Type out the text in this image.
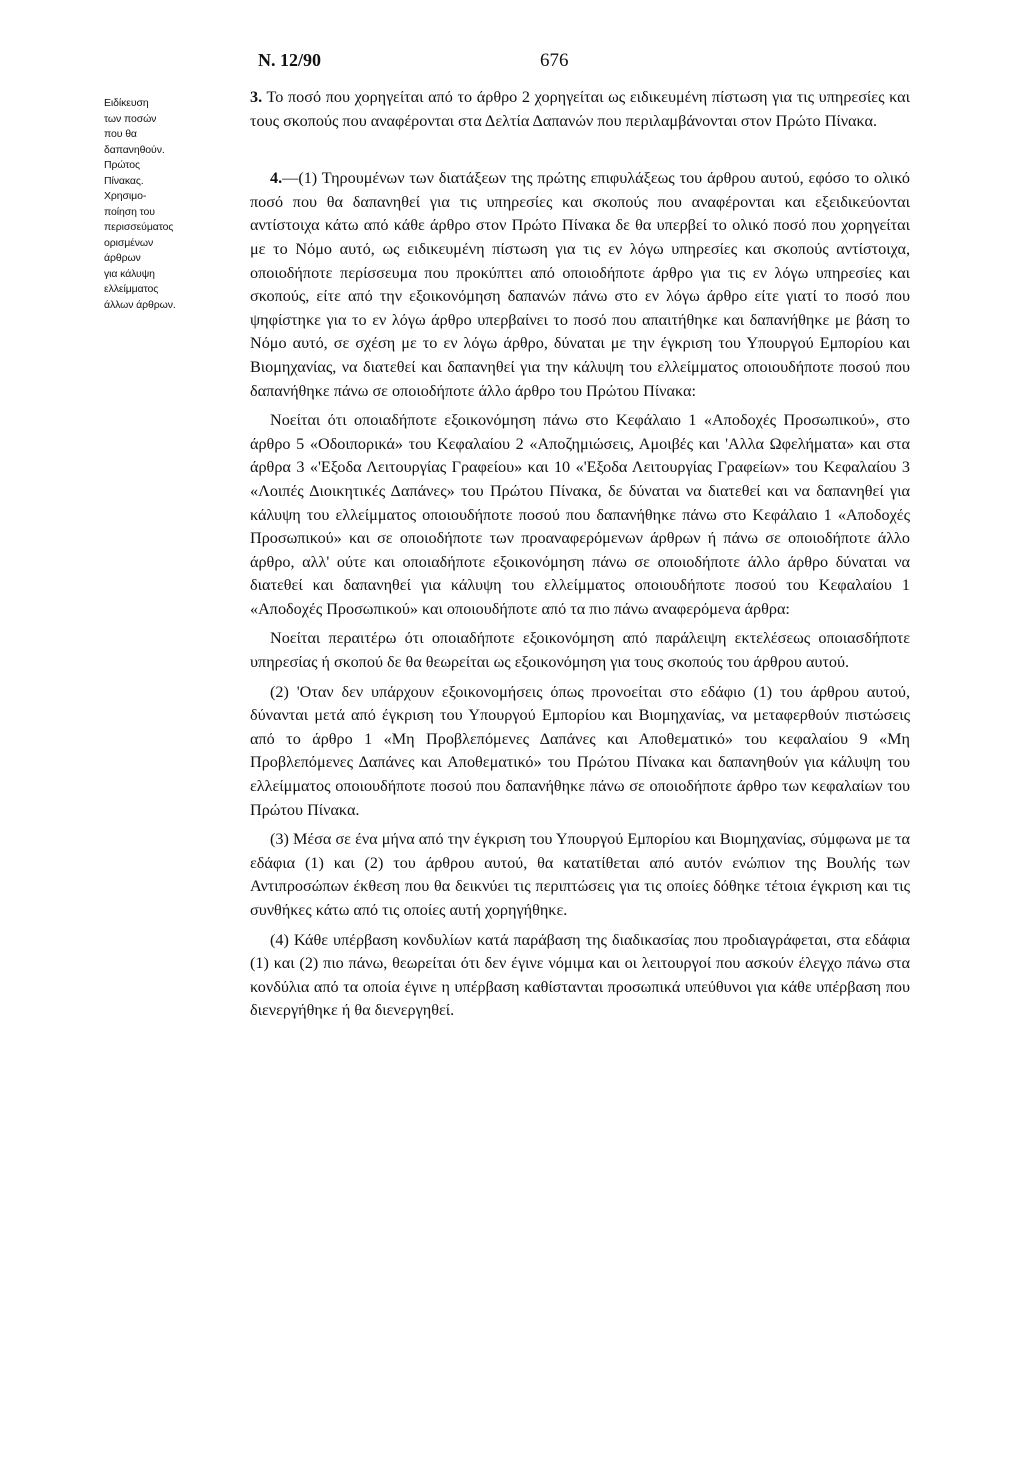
Ν. 12/90	676
Ειδίκευση
των ποσών
που θα
δαπανηθούν.
Πρώτος
Πίνακας.
Χρησιμο-
ποίηση του
περισσεύματος
ορισμένων
άρθρων
για κάλυψη
ελλείμματος
άλλων άρθρων.

3. Το ποσό που χορηγείται από το άρθρο 2 χορηγείται ως ειδικευμένη πίστωση για τις υπηρεσίες και τους σκοπούς που αναφέρονται στα Δελτία Δαπανών που περιλαμβάνονται στον Πρώτο Πίνακα.

4.—(1) Τηρουμένων των διατάξεων της πρώτης επιφυλάξεως του άρθρου αυτού, εφόσο το ολικό ποσό που θα δαπανηθεί για τις υπηρεσίες και σκοπούς που αναφέρονται και εξειδικεύονται αντίστοιχα κάτω από κάθε άρθρο στον Πρώτο Πίνακα δε θα υπερβεί το ολικό ποσό που χορηγείται με το Νόμο αυτό, ως ειδικευμένη πίστωση για τις εν λόγω υπηρεσίες και σκοπούς αντίστοιχα, οποιοδήποτε περίσσευμα που προκύπτει από οποιοδήποτε άρθρο για τις εν λόγω υπηρεσίες και σκοπούς, είτε από την εξοικονόμηση δαπανών πάνω στο εν λόγω άρθρο είτε γιατί το ποσό που ψηφίστηκε για το εν λόγω άρθρο υπερβαίνει το ποσό που απαιτήθηκε και δαπανήθηκε με βάση το Νόμο αυτό, σε σχέση με το εν λόγω άρθρο, δύναται με την έγκριση του Υπουργού Εμπορίου και Βιομηχανίας, να διατεθεί και δαπανηθεί για την κάλυψη του ελλείμματος οποιουδήποτε ποσού που δαπανήθηκε πάνω σε οποιοδήποτε άλλο άρθρο του Πρώτου Πίνακα:

Νοείται ότι οποιαδήποτε εξοικονόμηση πάνω στο Κεφάλαιο 1 «Αποδοχές Προσωπικού», στο άρθρο 5 «Οδοιπορικά» του Κεφαλαίου 2 «Αποζημιώσεις, Αμοιβές και 'Αλλα Ωφελήματα» και στα άρθρα 3 «'Εξοδα Λειτουργίας Γραφείου» και 10 «'Εξοδα Λειτουργίας Γραφείων» του Κεφαλαίου 3 «Λοιπές Διοικητικές Δαπάνες» του Πρώτου Πίνακα, δε δύναται να διατεθεί και να δαπανηθεί για κάλυψη του ελλείμματος οποιουδήποτε ποσού που δαπανήθηκε πάνω στο Κεφάλαιο 1 «Αποδοχές Προσωπικού» και σε οποιοδήποτε των προαναφερόμενων άρθρων ή πάνω σε οποιοδήποτε άλλο άρθρο, αλλ' ούτε και οποιαδήποτε εξοικονόμηση πάνω σε οποιοδήποτε άλλο άρθρο δύναται να διατεθεί και δαπανηθεί για κάλυψη του ελλείμματος οποιουδήποτε ποσού του Κεφαλαίου 1 «Αποδοχές Προσωπικού» και οποιουδήποτε από τα πιο πάνω αναφερόμενα άρθρα:

Νοείται περαιτέρω ότι οποιαδήποτε εξοικονόμηση από παράλειψη εκτελέσεως οποιασδήποτε υπηρεσίας ή σκοπού δε θα θεωρείται ως εξοικονόμηση για τους σκοπούς του άρθρου αυτού.

(2) 'Οταν δεν υπάρχουν εξοικονομήσεις όπως προνοείται στο εδάφιο (1) του άρθρου αυτού, δύνανται μετά από έγκριση του Υπουργού Εμπορίου και Βιομηχανίας, να μεταφερθούν πιστώσεις από το άρθρο 1 «Μη Προβλεπόμενες Δαπάνες και Αποθεματικό» του κεφαλαίου 9 «Μη Προβλεπόμενες Δαπάνες και Αποθεματικό» του Πρώτου Πίνακα και δαπανηθούν για κάλυψη του ελλείμματος οποιουδήποτε ποσού που δαπανήθηκε πάνω σε οποιοδήποτε άρθρο των κεφαλαίων του Πρώτου Πίνακα.

(3) Μέσα σε ένα μήνα από την έγκριση του Υπουργού Εμπορίου και Βιομηχανίας, σύμφωνα με τα εδάφια (1) και (2) του άρθρου αυτού, θα κατατίθεται από αυτόν ενώπιον της Βουλής των Αντιπροσώπων έκθεση που θα δεικνύει τις περιπτώσεις για τις οποίες δόθηκε τέτοια έγκριση και τις συνθήκες κάτω από τις οποίες αυτή χορηγήθηκε.

(4) Κάθε υπέρβαση κονδυλίων κατά παράβαση της διαδικασίας που προδιαγράφεται, στα εδάφια (1) και (2) πιο πάνω, θεωρείται ότι δεν έγινε νόμιμα και οι λειτουργοί που ασκούν έλεγχο πάνω στα κονδύλια από τα οποία έγινε η υπέρβαση καθίστανται προσωπικά υπεύθυνοι για κάθε υπέρβαση που διενεργήθηκε ή θα διενεργηθεί.
